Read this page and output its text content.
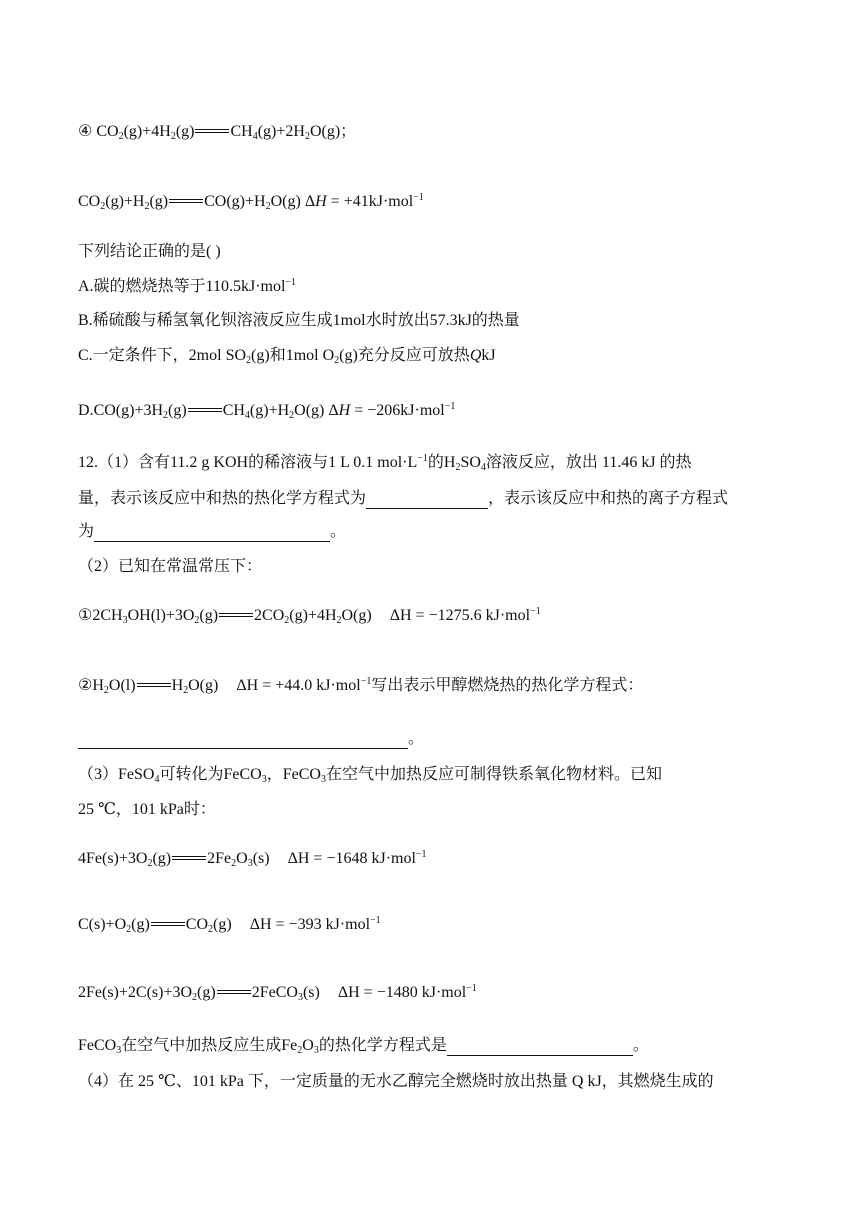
④ $CO_2(g)+4H_2(g)$ $CH_4(g)+2H_2O(g)$；
$CO_2(g)+H_2(g)$ $CO(g)+H_2O(g) \Delta H = +41kJ\cdot mol^{-1}$
下列结论正确的是( )
A.碳的燃烧热等于110.5kJ·mol$^{-1}$
B.稀硫酸与稀氢氧化钡溶液反应生成1mol水时放出57.3kJ的热量
C.一定条件下，2mol $SO_2(g)$和1mol $O_2(g)$充分反应可放热QkJ
$D.CO(g)+3H_2(g)$ $CH_4(g)+H_2O(g) \Delta H = -206kJ\cdot mol^{-1}$
12.（1）含有11.2 g KOH的稀溶液与1 L 0.1 $mol\cdot L^{-1}$的$H_2SO_4$溶液反应，放出 11.46 kJ 的热
量，表示该反应中和热的热化学方程式为	，表示该反应中和热的离子方程式
为	。
（2）已知在常温常压下：
$①2CH_3OH(l)+3O_2(g)$ $2CO_2(g)+4H_2O(g) \Delta H = -1275.6$ kJ·mol$^{-1}$
$②H_2O(l)$ $H_2O(g) \Delta H = +44.0$ kJ·mol$^{-1}$写出表示甲醇燃烧热的热化学方程式：
。
（3）FeSO$_4$可转化为FeCO$_3$，FeCO$_3$在空气中加热反应可制得铁系氧化物材料。已知
25 ℃，101 kPa时：
$4Fe(s)+3O_2(g)$ $2Fe_2O_3(s) \Delta H = -1648$ kJ·mol$^{-1}$
$C(s)+O_2(g)$ $CO_2(g) \Delta H = -393$ kJ·mol$^{-1}$
$2Fe(s)+2C(s)+3O_2(g)$ 2FeCO$_3$(s) ΔH = −1480 kJ·mol$^{-1}$
FeCO$_3$在空气中加热反应生成$Fe_2O_3$的热化学方程式是	。
（4）在 25 ℃、101 kPa 下，一定质量的无水乙醇完全燃烧时放出热量 Q kJ，其燃烧生成的
